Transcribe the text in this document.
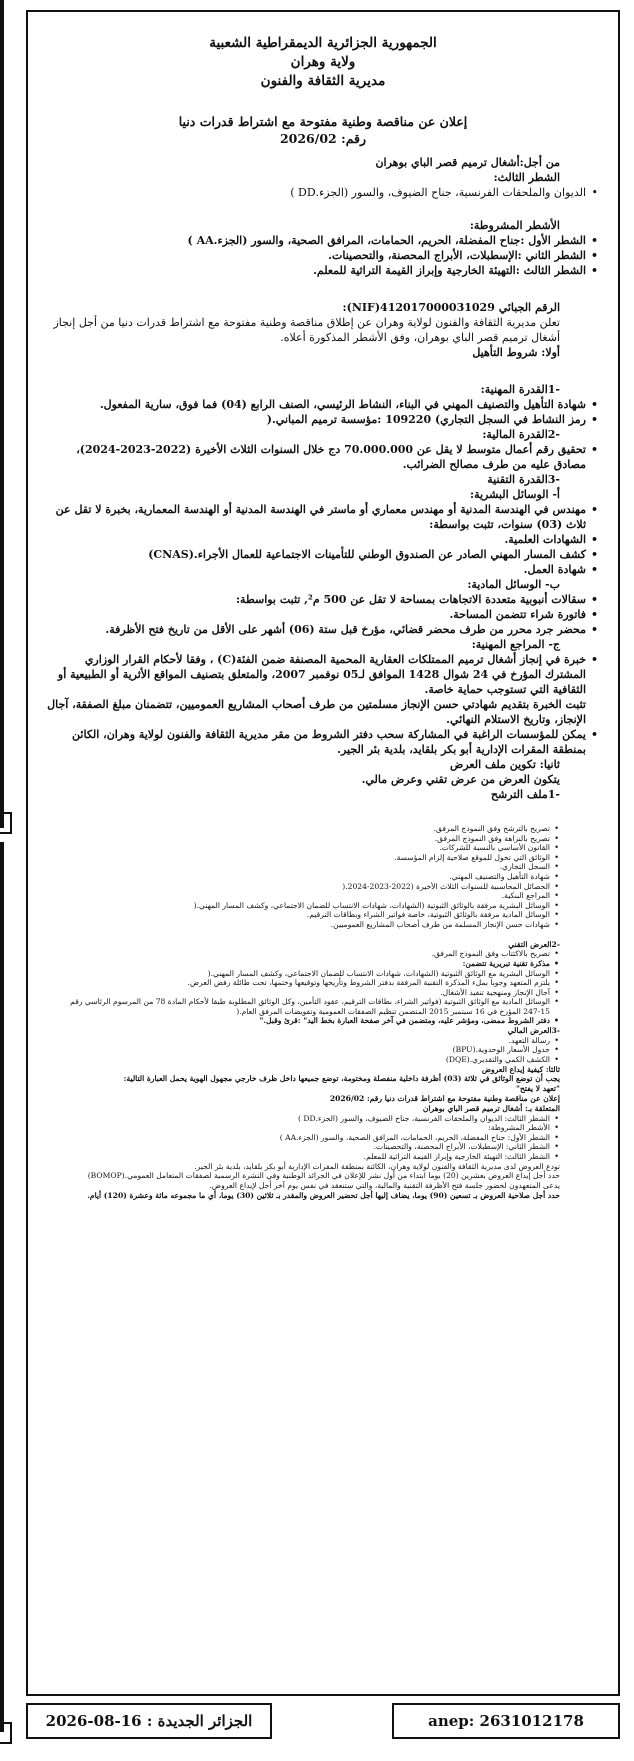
الجمهورية الجزائرية الديمقراطية الشعبية
ولاية وهران
مديرية الثقافة والفنون
إعلان عن مناقصة وطنية مفتوحة مع اشتراط قدرات دنيا
رقم: 2026/02
من أجل:أشغال ترميم قصر الباي بوهران
الشطر الثالث:
• الديوان والملحقات الفرنسية، جناح الضيوف، والسور (الجزء.DD )
الأشطر المشروطة:
• الشطر الأول :جناح المفضلة، الحريم، الحمامات، المرافق الصحية، والسور (الجزء.AA )
• الشطر الثاني :الإسطبلات، الأبراج المحصنة، والتحصينات.
• الشطر الثالث :التهيئة الخارجية وإبراز القيمة التراثية للمعلم.
الرقم الجبائي 412017000031029(NIF):
تعلن مديرية الثقافة والفنون لولاية وهران عن إطلاق مناقصة وطنية مفتوحة مع اشتراط قدرات دنيا من أجل إنجاز أشغال ترميم قصر الباي بوهران، وفق الأشطر المذكورة أعلاه.
أولا: شروط التأهيل
-1القدرة المهنية:
• شهادة التأهيل والتصنيف المهني في البناء، النشاط الرئيسي، الصنف الرابع (04) فما فوق، سارية المفعول.
• رمز النشاط في السجل التجاري) 109220 :مؤسسة ترميم المباني.(
-2القدرة المالية:
• تحقيق رقم أعمال متوسط لا يقل عن 70.000.000 دج خلال السنوات الثلاث الأخيرة (2022-2023-2024)، مصادق عليه من طرف مصالح الضرائب.
-3القدرة التقنية
أ- الوسائل البشرية:
• مهندس في الهندسة المدنية أو مهندس معماري أو ماستر في الهندسة المدنية أو الهندسة المعمارية، بخبرة لا تقل عن ثلاث (03) سنوات، تثبت بواسطة:
• الشهادات العلمية.
• كشف المسار المهني الصادر عن الصندوق الوطني للتأمينات الاجتماعية للعمال الأجراء.(CNAS)
• شهادة العمل.
ب- الوسائل المادية:
• سقالات أنبوبية متعددة الاتجاهات بمساحة لا تقل عن 500 م², تثبت بواسطة:
• فاتورة شراء تتضمن المساحة.
• محضر جرد محرر من طرف محضر قضائي، مؤرخ قبل ستة (06) أشهر على الأقل من تاريخ فتح الأظرفة.
ج- المراجع المهنية:
• خبرة في إنجاز أشغال ترميم الممتلكات العقارية المحمية المصنفة ضمن الفئة(C) ، وفقا لأحكام القرار الوزاري المشترك المؤرخ في 24 شوال 1428 الموافق لـ05 نوفمبر 2007، والمتعلق بتصنيف المواقع الأثرية أو الطبيعية أو الثقافية التي تستوجب حماية خاصة.
تثبت الخبرة بتقديم شهادتي حسن الإنجاز مسلمتين من طرف أصحاب المشاريع العموميين، تتضمنان مبلغ الصفقة، آجال الإنجاز، وتاريخ الاستلام النهائي.
• يمكن للمؤسسات الراغبة في المشاركة سحب دفتر الشروط من مقر مديرية الثقافة والفنون لولاية وهران، الكائن بمنطقة المقرات الإدارية أبو بكر بلقايد، بلدية بئر الجير.
ثانيا: تكوين ملف العرض
يتكون العرض من عرض تقني وعرض مالي.
-1ملف الترشح
• تصريح بالترشح وفق النموذج المرفق.
• تصريح بالنزاهة وفق النموذج المرفق.
• القانون الأساسي بالنسبة للشركات.
• الوثائق التي تخول للموقع صلاحية إلزام المؤسسة.
• السجل التجاري.
• شهادة التأهيل والتصنيف المهني.
• الحصائل المحاسبية للسنوات الثلاث الأخيرة (2022-2023-2024.(
• المراجع البنكية.
• الوسائل البشرية مرفقة بالوثائق الثبوتية (الشهادات، شهادات الانتساب للضمان الاجتماعي، وكشف المسار المهني.(
• الوسائل المادية مرفقة بالوثائق الثبوتية، خاصة فواتير الشراء وبطاقات الترقيم.
• شهادات حسن الإنجاز المسلمة من طرف أصحاب المشاريع العموميين.
-2العرض التقني
• تصريح بالاكتتاب وفق النموذج المرفق.
• مذكرة تقنية تبريرية تتضمن:
• الوسائل البشرية مع الوثائق الثبوتية (الشهادات، شهادات الانتساب للضمان الاجتماعي، وكشف المسار المهني.(
• يلتزم المتعهد وجوبا بملء المذكرة التقنية المرفقة بدفتر الشروط وتأريخها وتوقيعها وختمها، تحت طائلة رفض العرض.
• آجال الإنجاز ومنهجية تنفيذ الأشغال.
• الوسائل المادية مع الوثائق الثبوتية (فواتير الشراء، بطاقات الترقيم، عقود التأمين، وكل الوثائق المطلوبة طبقا لأحكام المادة 78 من المرسوم الرئاسي رقم 15-247 المؤرخ في 16 سبتمبر 2015 المتضمن تنظيم الصفقات العمومية وتفويضات المرفق العام.(
• دفتر الشروط ممضى، ومؤشر عليه، ومتضمن في آخر صفحة العبارة بخط اليد" :قرئ وقبل."
-3العرض المالي
• رسالة التعهد.
• جدول الأسعار الوحدوية.(BPU)
• الكشف الكمي والتقديري.(DQE)
ثالثا: كيفية إيداع العروض
يجب أن توضع الوثائق في ثلاثة (03) أظرفة داخلية منفصلة ومختومة، توضع جميعها داخل ظرف خارجي مجهول الهوية يحمل العبارة التالية:
"تعهد لا يفتح"
إعلان عن مناقصة وطنية مفتوحة مع اشتراط قدرات دنيا رقم: 2026/02
المتعلقة بـ: أشغال ترميم قصر الباي بوهران
• الشطر الثالث: الديوان والملحقات الفرنسية، جناح الضيوف، والسور (الجزء.DD )
• الأشطر المشروطة:
• الشطر الأول: جناح المفضلة، الحريم، الحمامات، المرافق الصحية، والسور (الجزء.AA )
• الشطر الثاني: الإسطبلات، الأبراج المحصنة، والتحصينات.
• الشطر الثالث: التهيئة الخارجية وإبراز القيمة التراثية للمعلم.
تودع العروض لدى مديرية الثقافة والفنون لولاية وهران، الكائنة بمنطقة المقرات الإدارية أبو بكر بلقايد، بلدية بئر الجير.
حدد أجل إيداع العروض بعشرين (20) يوما ابتداء من أول نشر للإعلان في الجرائد الوطنية وفي النشرة الرسمية لصفقات المتعامل العمومي.(BOMOP)
يدعى المتعهدون لحضور جلسة فتح الأظرفة التقنية والمالية، والتي ستنعقد في نفس يوم آخر أجل لإيداع العروض.
حدد أجل صلاحية العروض بـ تسعين (90) يوما، يضاف إليها أجل تحضير العروض والمقدر بـ ثلاثين (30) يوما، أي ما مجموعه مائة وعشرة (120) أيام.
الجزائر الجديدة : 2026-08-16	anep: 2631012178
